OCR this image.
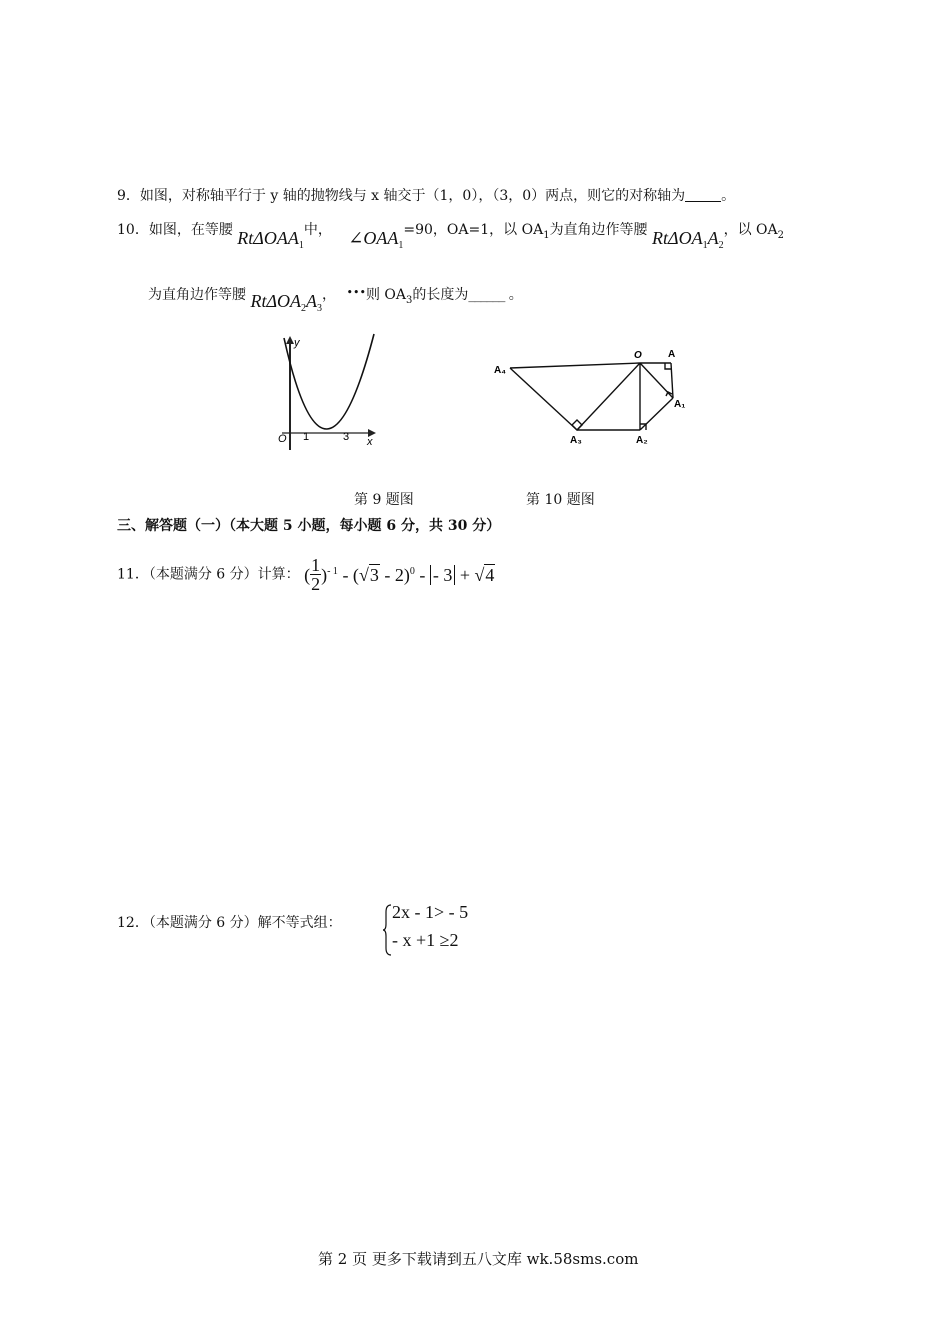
9．如图，对称轴平行于 y 轴的抛物线与 x 轴交于（1，0），（3，0）两点，则它的对称轴为	。
10．如图，在等腰 RtΔOAA$_1$中， $\angle OAA_1=90$，OA=1，以 $OA_1$为直角边作等腰 $Rt\Delta OA_1A_2$，以 $OA_2$
为直角边作等腰 $Rt\Delta OA_2A_3$， •••则 $OA_3$的长度为______ 。
y
x
O 1	3
A₄
O	A
A₁
A₂
A₃
第 9 题图	第 10 题图
三、解答题（一）（本大题 5 小题，每小题 6 分，共 30 分）
11．（本题满分 6 分）计算： ( $\frac{1}{2} )^{- 1} - (√3 - 2)^0$ - - 3 + √4
12．（本题满分 6 分）解不等式组：
2x - 1> - 5
- x +1 ≥2
第 2 页 更多下载请到五八文库 wk.58sms.com
